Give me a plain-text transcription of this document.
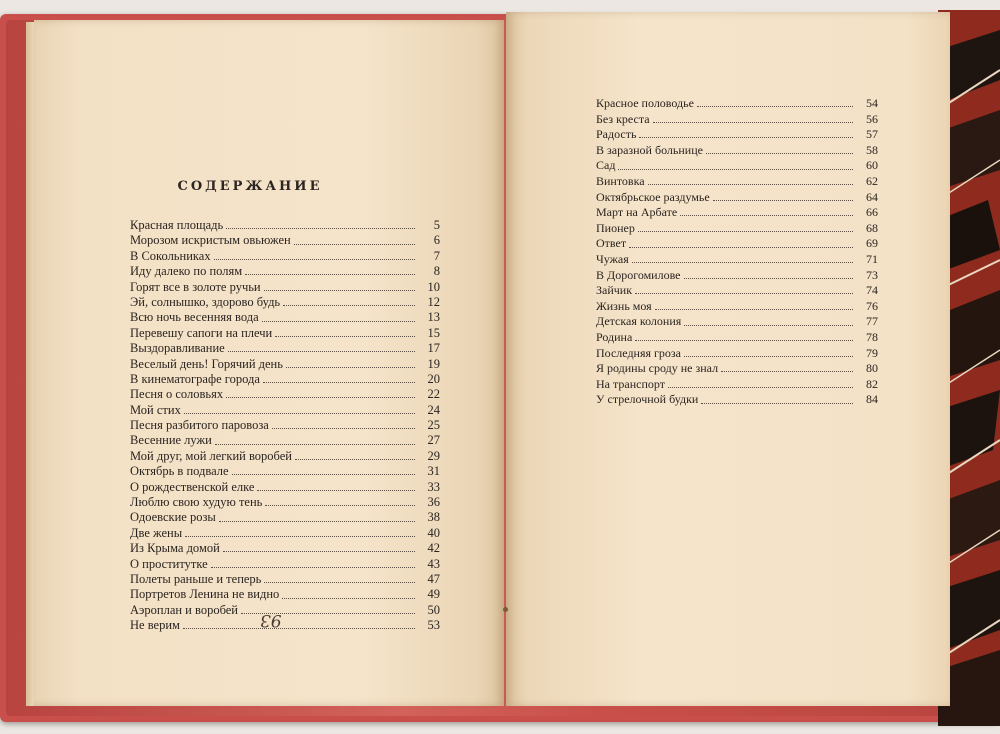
СОДЕРЖАНИЕ
Красная площадь	5
Морозом искристым овьюжен	6
В Сокольниках	7
Иду далеко по полям	8
Горят все в золоте ручьи	10
Эй, солнышко, здорово будь	12
Всю ночь весенняя вода	13
Перевешу сапоги на плечи	15
Выздоравливание	17
Веселый день! Горячий день	19
В кинематографе города	20
Песня о соловьях	22
Мой стих	24
Песня разбитого паровоза	25
Весенние лужи	27
Мой друг, мой легкий воробей	29
Октябрь в подвале	31
О рождественской елке	33
Люблю свою худую тень	36
Одоевские розы	38
Две жены	40
Из Крыма домой	42
О проститутке	43
Полеты раньше и теперь	47
Портретов Ленина не видно	49
Аэроплан и воробей	50
Не верим	53
Красное половодье	54
Без креста	56
Радость	57
В заразной больнице	58
Сад	60
Винтовка	62
Октябрьское раздумье	64
Март на Арбате	66
Пионер	68
Ответ	69
Чужая	71
В Дорогомилове	73
Зайчик	74
Жизнь моя	76
Детская колония	77
Родина	78
Последняя гроза	79
Я родины сроду не знал	80
На транспорт	82
У стрелочной будки	84
93
